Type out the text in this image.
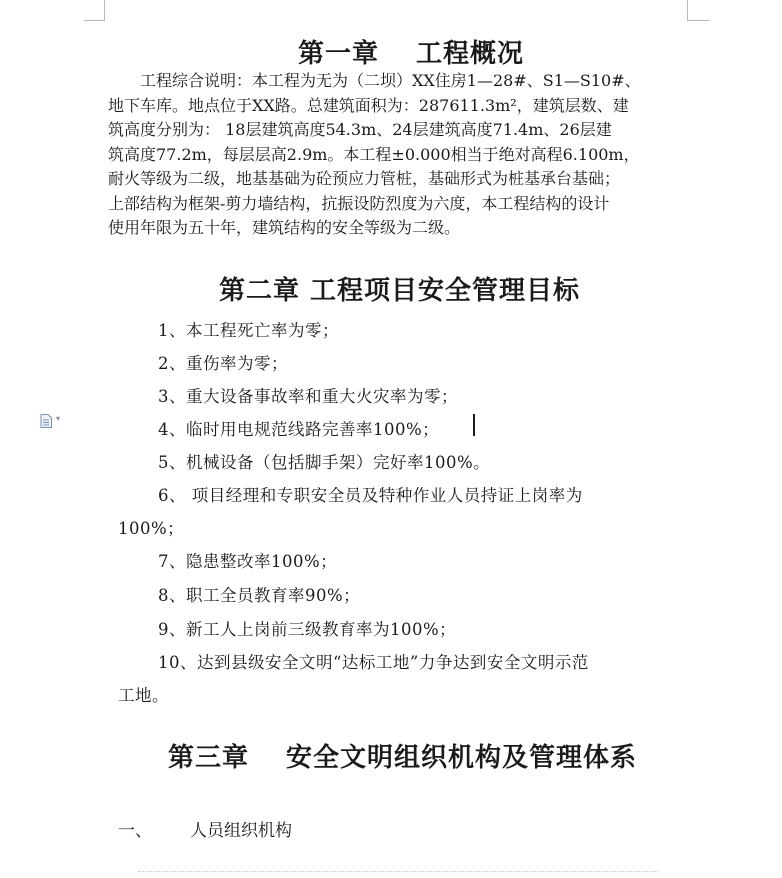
第一章　 工程概况
　　工程综合说明：本工程为无为（二坝）XX住房1—28#、S1—S10#、
地下车库。地点位于XX路。总建筑面积为：287611.3m²，建筑层数、建
筑高度分别为： 18层建筑高度54.3m、24层建筑高度71.4m、26层建
筑高度77.2m，每层层高2.9m。本工程±0.000相当于绝对高程6.100m，
耐火等级为二级，地基基础为砼预应力管桩，基础形式为桩基承台基础；
上部结构为框架-剪力墙结构，抗振设防烈度为六度，本工程结构的设计
使用年限为五十年，建筑结构的安全等级为二级。
第二章 工程项目安全管理目标
1、本工程死亡率为零；
2、重伤率为零；
3、重大设备事故率和重大火灾率为零；
▾
4、临时用电规范线路完善率100%；
5、机械设备（包括脚手架）完好率100%。
6、 项目经理和专职安全员及特种作业人员持证上岗率为
100%；
7、隐患整改率100%；
8、职工全员教育率90%；
9、新工人上岗前三级教育率为100%；
10、达到县级安全文明“达标工地”力争达到安全文明示范
工地。
第三章　 安全文明组织机构及管理体系
一、 人员组织机构
